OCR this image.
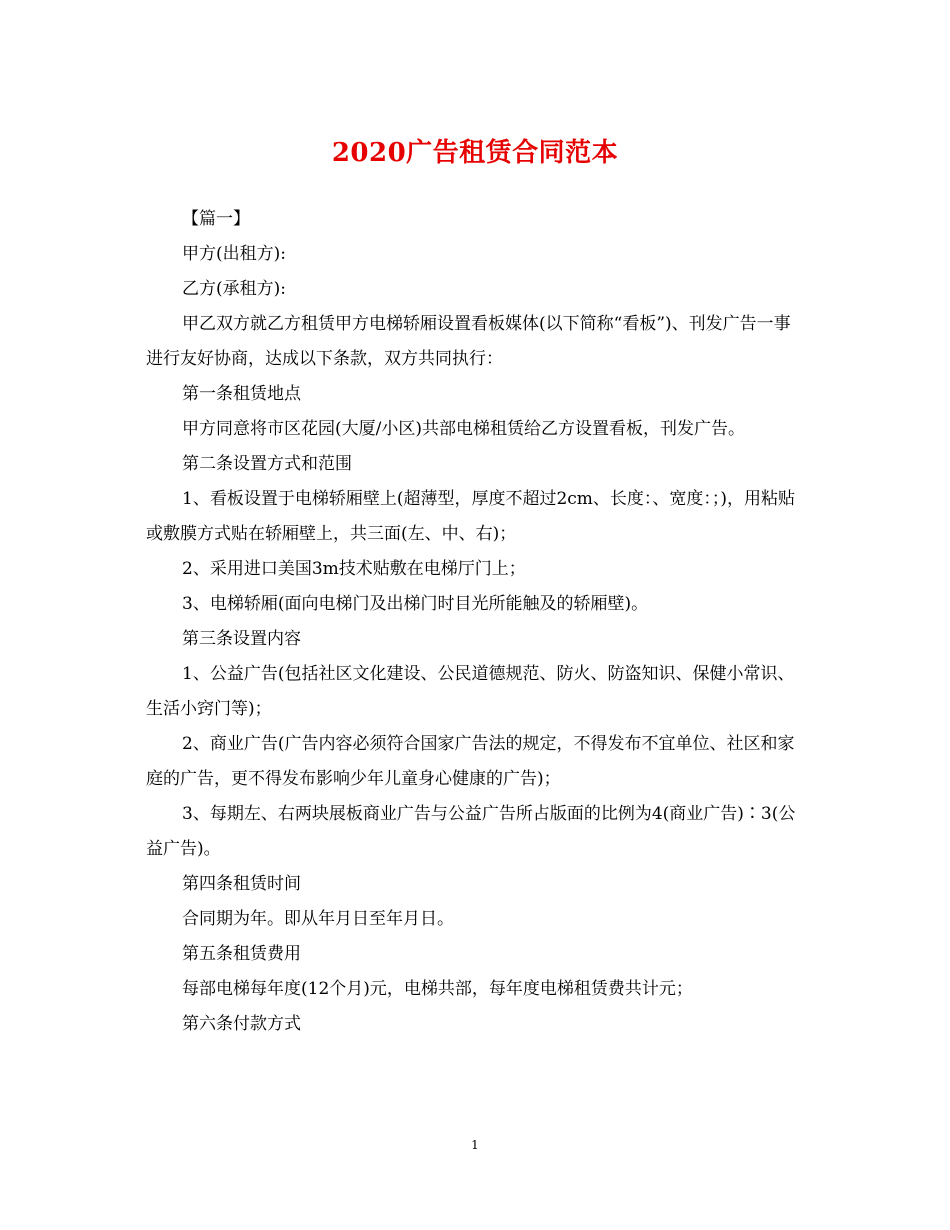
2020广告租赁合同范本

【篇一】

甲方(出租方):

乙方(承租方):

甲乙双方就乙方租赁甲方电梯轿厢设置看板媒体(以下简称“看板”)、刊发广告一事进行友好协商，达成以下条款，双方共同执行：

第一条租赁地点

甲方同意将市区花园(大厦/小区)共部电梯租赁给乙方设置看板，刊发广告。

第二条设置方式和范围

1、看板设置于电梯轿厢壁上(超薄型，厚度不超过2cm、长度：、宽度：；)，用粘贴或敷膜方式贴在轿厢壁上，共三面(左、中、右)；

2、采用进口美国3m技术贴敷在电梯厅门上；

3、电梯轿厢(面向电梯门及出梯门时目光所能触及的轿厢壁)。

第三条设置内容

1、公益广告(包括社区文化建设、公民道德规范、防火、防盗知识、保健小常识、生活小窍门等)；

2、商业广告(广告内容必须符合国家广告法的规定，不得发布不宜单位、社区和家庭的广告，更不得发布影响少年儿童身心健康的广告)；

3、每期左、右两块展板商业广告与公益广告所占版面的比例为4(商业广告)∶3(公益广告)。

第四条租赁时间

合同期为年。即从年月日至年月日。

第五条租赁费用

每部电梯每年度(12个月)元，电梯共部，每年度电梯租赁费共计元；

第六条付款方式

1
